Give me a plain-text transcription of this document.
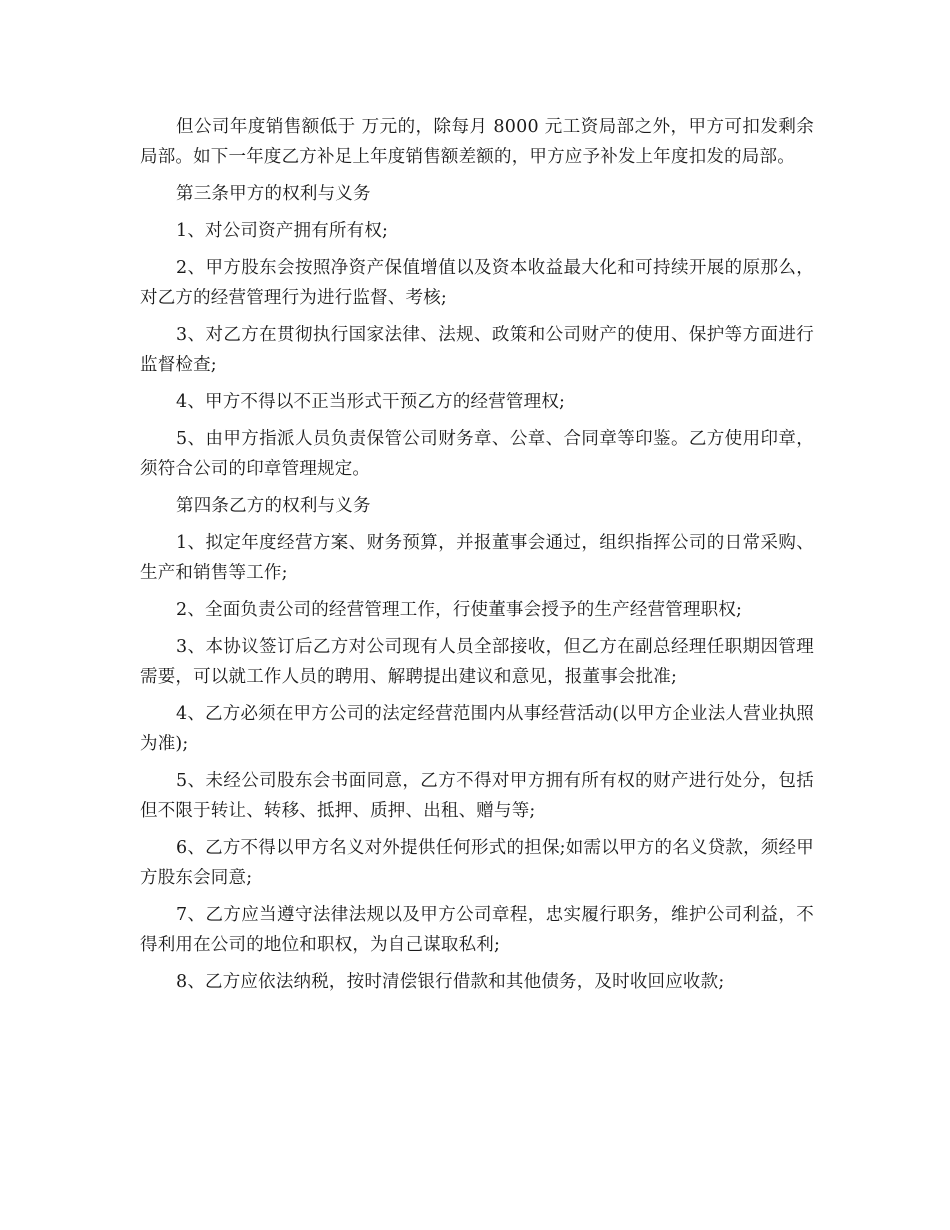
但公司年度销售额低于 万元的，除每月 8000 元工资局部之外，甲方可扣发剩余局部。如下一年度乙方补足上年度销售额差额的，甲方应予补发上年度扣发的局部。

第三条甲方的权利与义务

1、对公司资产拥有所有权;

2、甲方股东会按照净资产保值增值以及资本收益最大化和可持续开展的原那么，对乙方的经营管理行为进行监督、考核;

3、对乙方在贯彻执行国家法律、法规、政策和公司财产的使用、保护等方面进行监督检查;

4、甲方不得以不正当形式干预乙方的经营管理权;

5、由甲方指派人员负责保管公司财务章、公章、合同章等印鉴。乙方使用印章，须符合公司的印章管理规定。

第四条乙方的权利与义务

1、拟定年度经营方案、财务预算，并报董事会通过，组织指挥公司的日常采购、生产和销售等工作;

2、全面负责公司的经营管理工作，行使董事会授予的生产经营管理职权;

3、本协议签订后乙方对公司现有人员全部接收，但乙方在副总经理任职期因管理需要，可以就工作人员的聘用、解聘提出建议和意见，报董事会批准;

4、乙方必须在甲方公司的法定经营范围内从事经营活动(以甲方企业法人营业执照为准);

5、未经公司股东会书面同意，乙方不得对甲方拥有所有权的财产进行处分，包括但不限于转让、转移、抵押、质押、出租、赠与等;

6、乙方不得以甲方名义对外提供任何形式的担保;如需以甲方的名义贷款，须经甲方股东会同意;

7、乙方应当遵守法律法规以及甲方公司章程，忠实履行职务，维护公司利益，不得利用在公司的地位和职权，为自己谋取私利;

8、乙方应依法纳税，按时清偿银行借款和其他债务，及时收回应收款;
